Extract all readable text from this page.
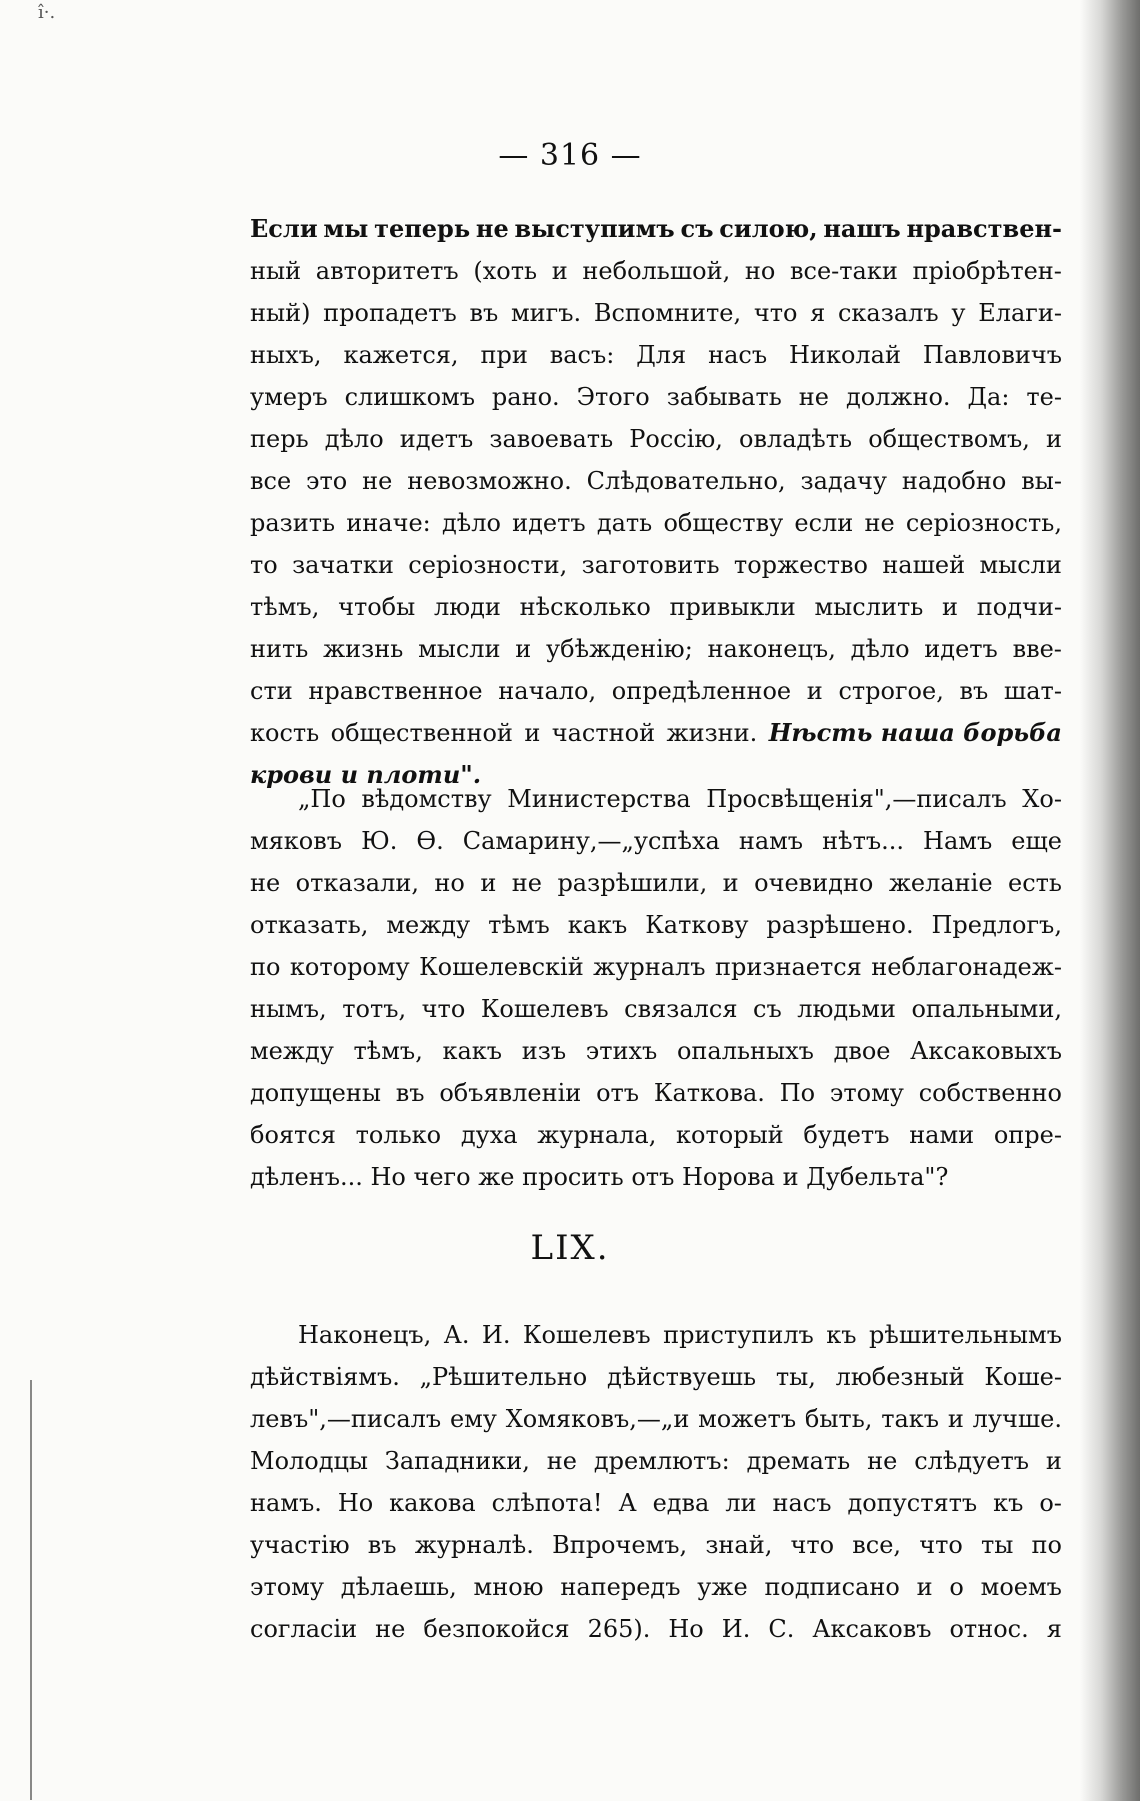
î·.
— 316 —
Если мы теперь не выступимъ съ силою, нашъ нравствен-
ный авторитетъ (хоть и небольшой, но все-таки пріобрѣтен-
ный) пропадетъ въ мигъ. Вспомните, что я сказалъ у Елаги-
ныхъ, кажется, при васъ: Для насъ Николай Павловичъ
умеръ слишкомъ рано. Этого забывать не должно. Да: те-
перь дѣло идетъ завоевать Россію, овладѣть обществомъ, и
все это не невозможно. Слѣдовательно, задачу надобно вы-
разить иначе: дѣло идетъ дать обществу если не серіозность,
то зачатки серіозности, заготовить торжество нашей мысли
тѣмъ, чтобы люди нѣсколько привыкли мыслить и подчи-
нить жизнь мысли и убѣжденію; наконецъ, дѣло идетъ вве-
сти нравственное начало, опредѣленное и строгое, въ шат-
кость общественной и частной жизни. Нѣсть наша борьба
крови и плоти".
„По вѣдомству Министерства Просвѣщенія",—писалъ Хо-
мяковъ Ю. Ѳ. Самарину,—„успѣха намъ нѣтъ... Намъ еще
не отказали, но и не разрѣшили, и очевидно желаніе есть
отказать, между тѣмъ какъ Каткову разрѣшено. Предлогъ,
по которому Кошелевскій журналъ признается неблагонадеж-
нымъ, тотъ, что Кошелевъ связался съ людьми опальными,
между тѣмъ, какъ изъ этихъ опальныхъ двое Аксаковыхъ
допущены въ объявленіи отъ Каткова. По этому собственно
боятся только духа журнала, который будетъ нами опре-
дѣленъ... Но чего же просить отъ Норова и Дубельта"?
LIX.
Наконецъ, А. И. Кошелевъ приступилъ къ рѣшительнымъ
дѣйствіямъ. „Рѣшительно дѣйствуешь ты, любезный Коше-
левъ",—писалъ ему Хомяковъ,—„и можетъ быть, такъ и лучше.
Молодцы Западники, не дремлютъ: дремать не слѣдуетъ и
намъ. Но какова слѣпота! А едва ли насъ допустятъ къ о-
участію въ журналѣ. Впрочемъ, знай, что все, что ты по
этому дѣлаешь, мною напередъ уже подписано и о моемъ
согласіи не безпокойся 265). Но И. С. Аксаковъ относ. я
